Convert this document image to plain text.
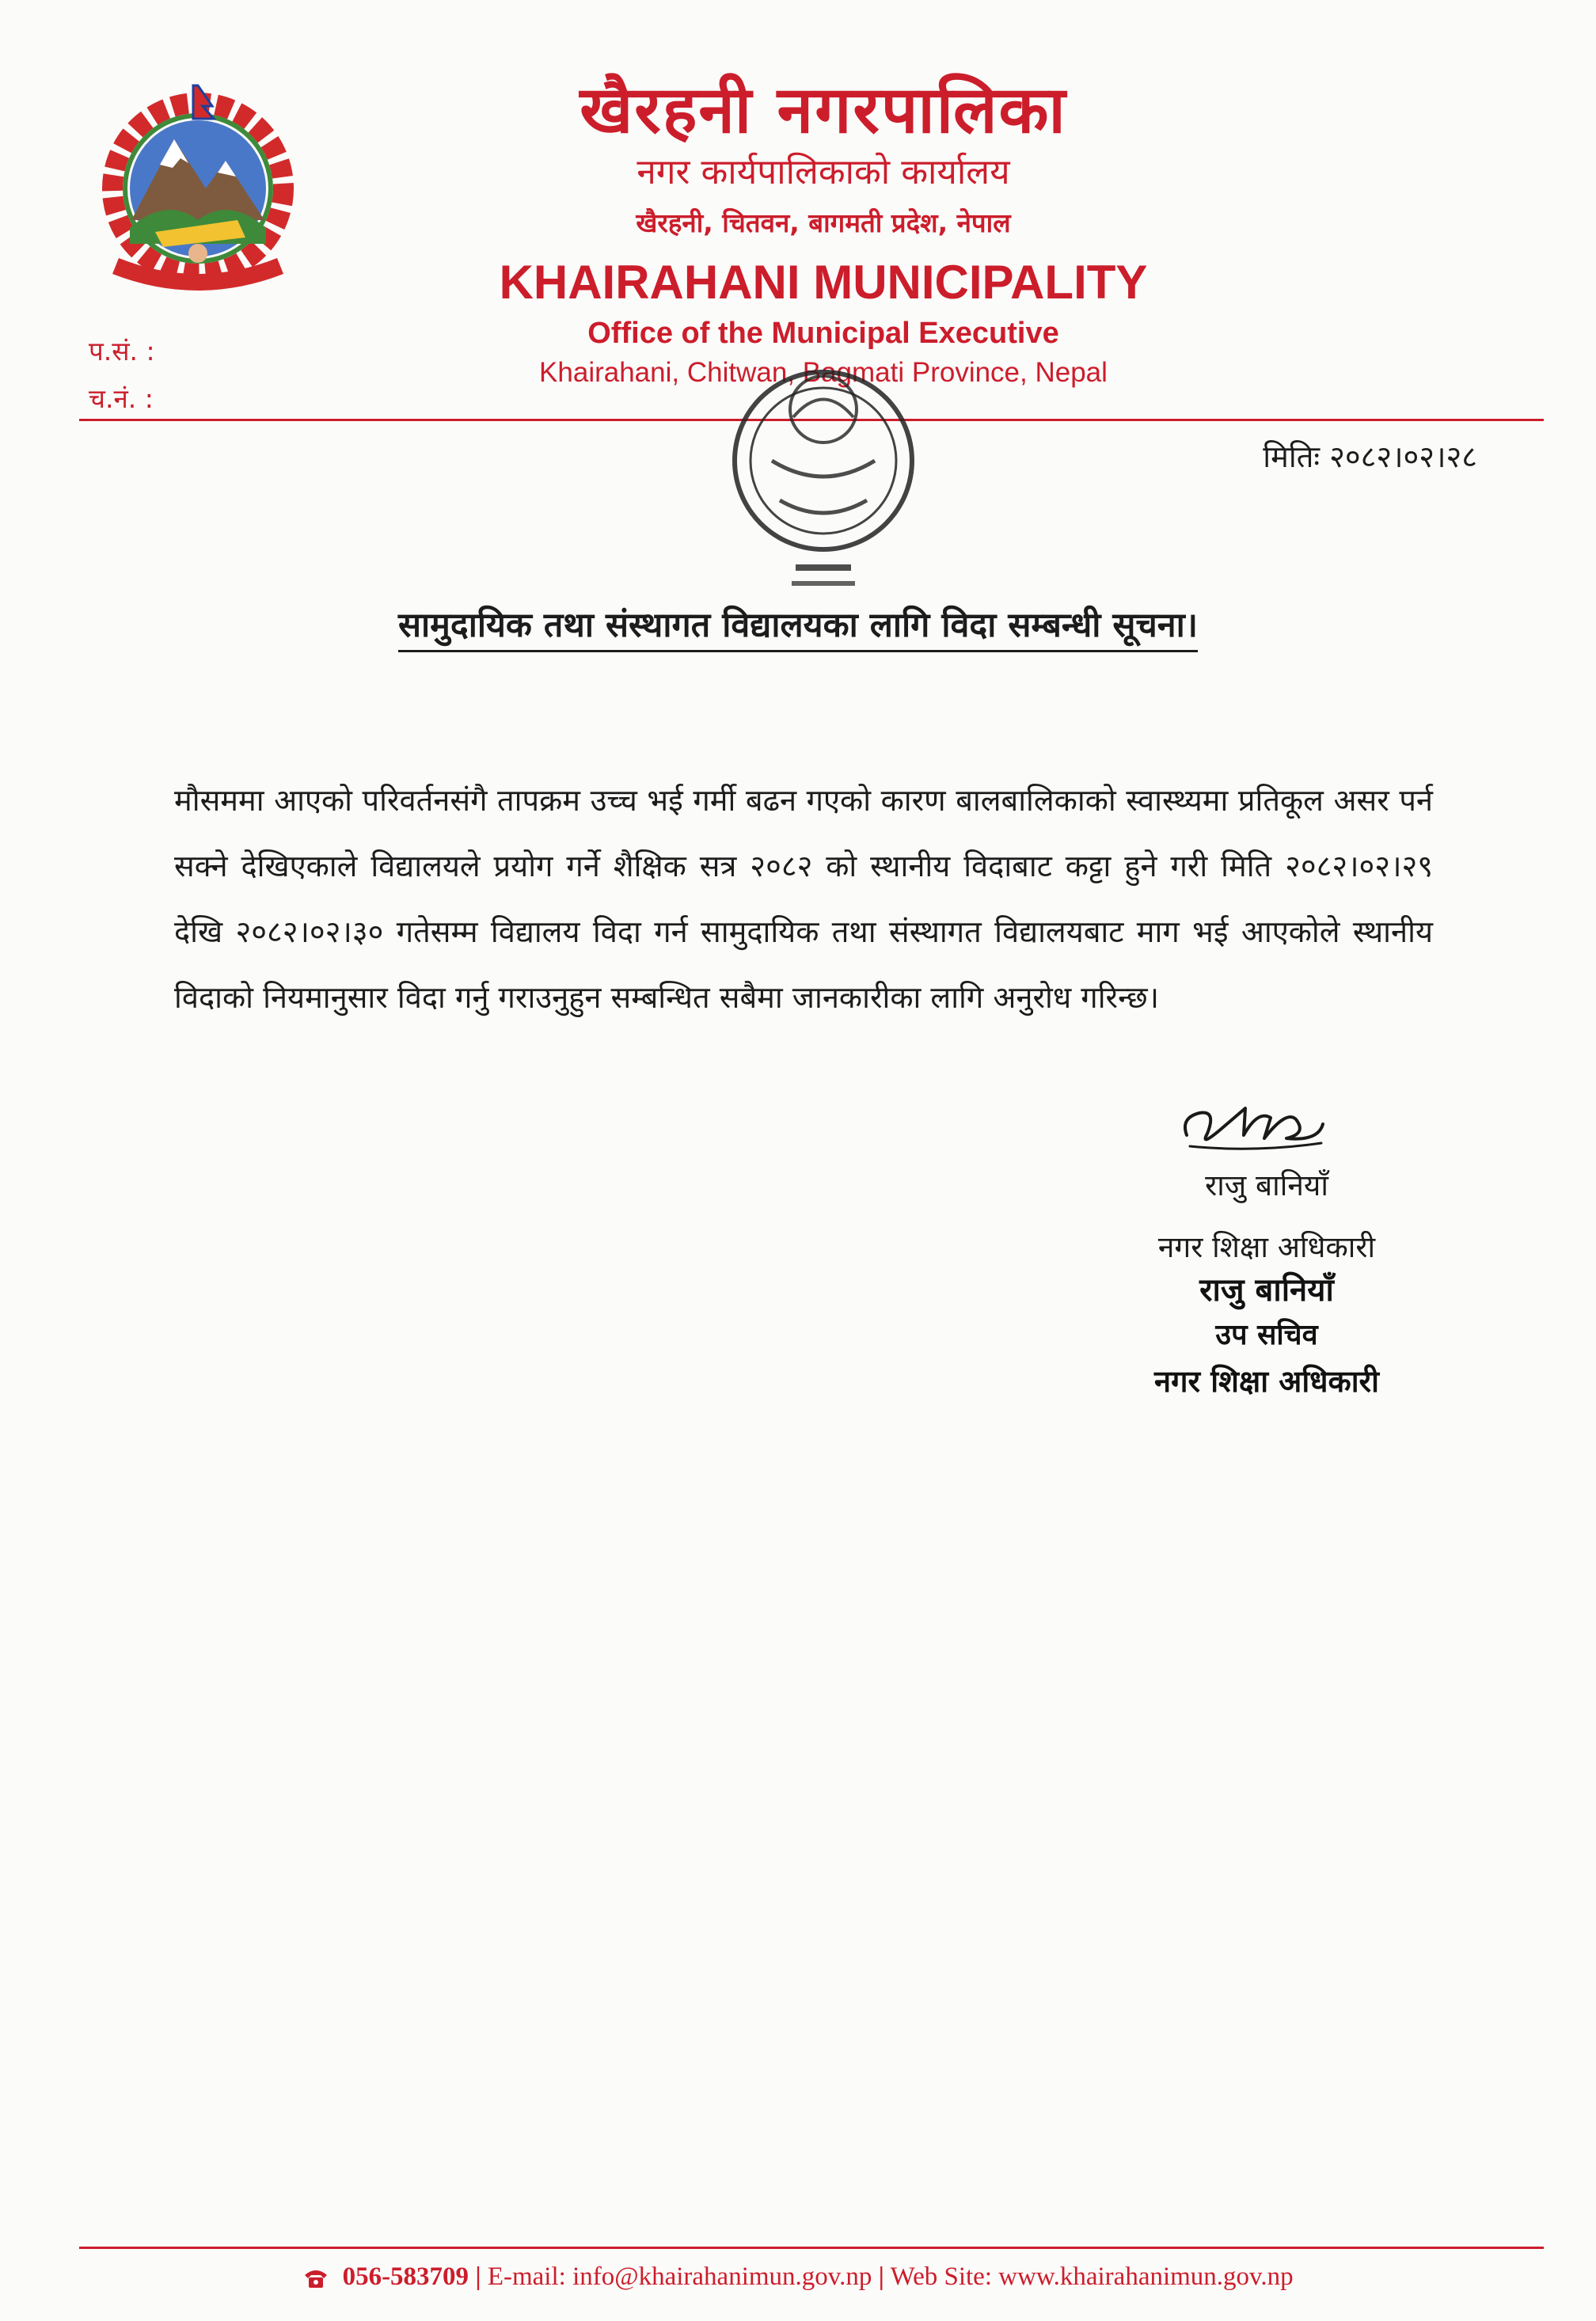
खैरहनी नगरपालिका
नगर कार्यपालिकाको कार्यालय
खैरहनी, चितवन, बागमती प्रदेश, नेपाल
KHAIRAHANI MUNICIPALITY
Office of the Municipal Executive
Khairahani, Chitwan, Bagmati Province, Nepal
प.सं. :
च.नं. :
मितिः २०८२।०२।२८
सामुदायिक तथा संस्थागत विद्यालयका लागि विदा सम्बन्धी सूचना।
मौसममा आएको परिवर्तनसंगै तापक्रम उच्च भई गर्मी बढन गएको कारण बालबालिकाको स्वास्थ्यमा प्रतिकूल असर पर्न सक्ने देखिएकाले विद्यालयले प्रयोग गर्ने शैक्षिक सत्र २०८२ को स्थानीय विदाबाट कट्टा हुने गरी मिति २०८२।०२।२९ देखि २०८२।०२।३० गतेसम्म विद्यालय विदा गर्न सामुदायिक तथा संस्थागत विद्यालयबाट माग भई आएकोले स्थानीय विदाको नियमानुसार विदा गर्नु गराउनुहुन सम्बन्धित सबैमा जानकारीका लागि अनुरोध गरिन्छ।
राजु बानियाँ
नगर शिक्षा अधिकारी
राजु बानियाँ
उप सचिव
नगर शिक्षा अधिकारी
056-583709 | E-mail: info@khairahanimun.gov.np | Web Site: www.khairahanimun.gov.np
